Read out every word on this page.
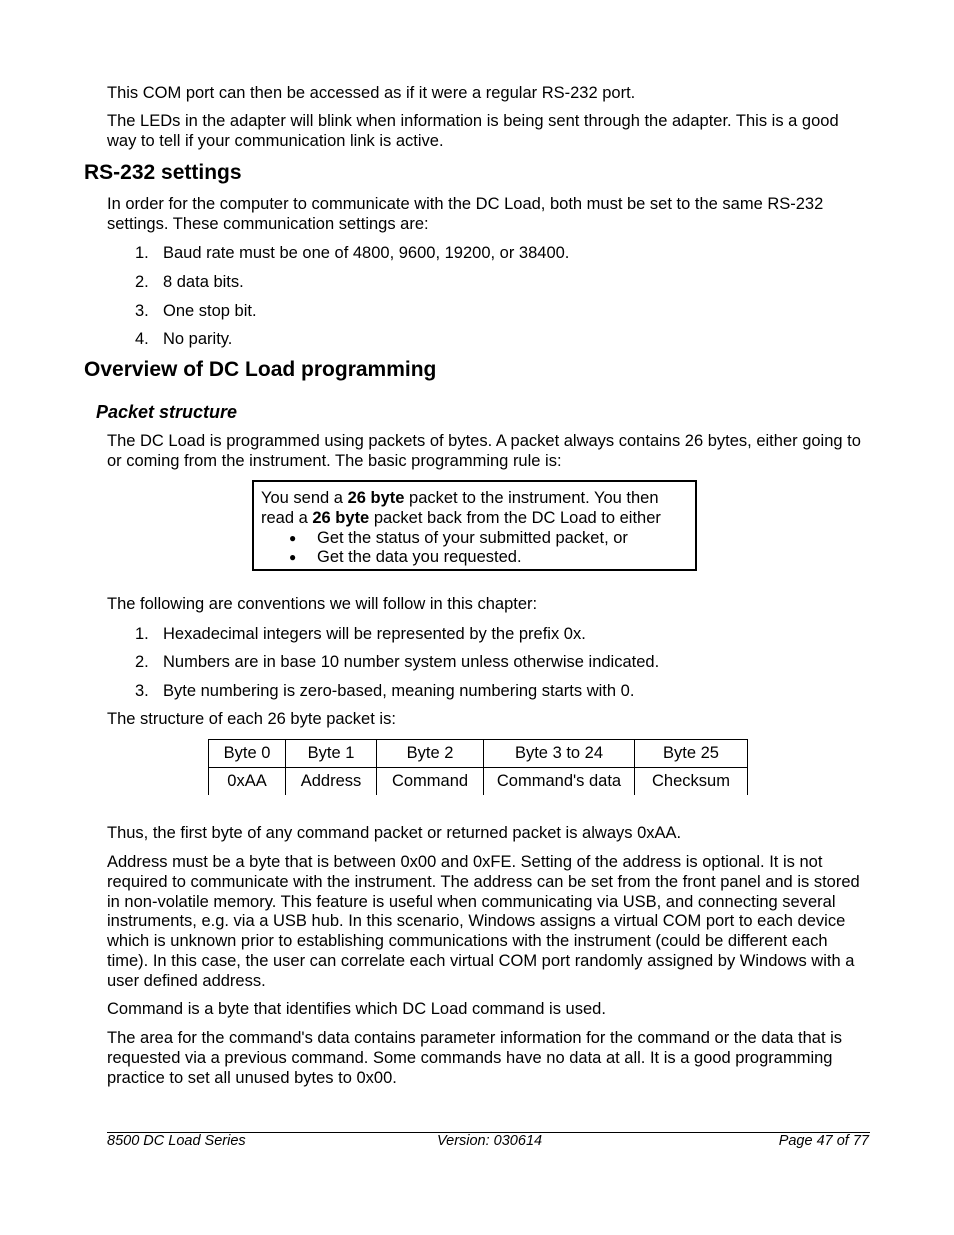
This COM port can then be accessed as if it were a regular RS-232 port.

The LEDs in the adapter will blink when information is being sent through the adapter. This is a good way to tell if your communication link is active.

RS-232 settings

In order for the computer to communicate with the DC Load, both must be set to the same RS-232 settings. These communication settings are:

1. Baud rate must be one of 4800, 9600, 19200, or 38400.

2. 8 data bits.

3. One stop bit.

4. No parity.

Overview of DC Load programming
Packet structure

The DC Load is programmed using packets of bytes. A packet always contains 26 bytes, either going to or coming from the instrument. The basic programming rule is:

You send a 26 byte packet to the instrument. You then read a 26 byte packet back from the DC Load to either
● Get the status of your submitted packet, or
● Get the data you requested.

The following are conventions we will follow in this chapter:

1. Hexadecimal integers will be represented by the prefix 0x.

2. Numbers are in base 10 number system unless otherwise indicated.

3. Byte numbering is zero-based, meaning numbering starts with 0.

The structure of each 26 byte packet is:

Byte 0	Byte 1	Byte 2	Byte 3 to 24	Byte 25
0xAA	Address	Command	Command's data	Checksum

Thus, the first byte of any command packet or returned packet is always 0xAA.

Address must be a byte that is between 0x00 and 0xFE. Setting of the address is optional. It is not required to communicate with the instrument. The address can be set from the front panel and is stored in non-volatile memory. This feature is useful when communicating via USB, and connecting several instruments, e.g. via a USB hub. In this scenario, Windows assigns a virtual COM port to each device which is unknown prior to establishing communications with the instrument (could be different each time). In this case, the user can correlate each virtual COM port randomly assigned by Windows with a user defined address.

Command is a byte that identifies which DC Load command is used.

The area for the command's data contains parameter information for the command or the data that is requested via a previous command. Some commands have no data at all. It is a good programming practice to set all unused bytes to 0x00.

8500 DC Load Series	Version: 030614	Page 47 of 77
